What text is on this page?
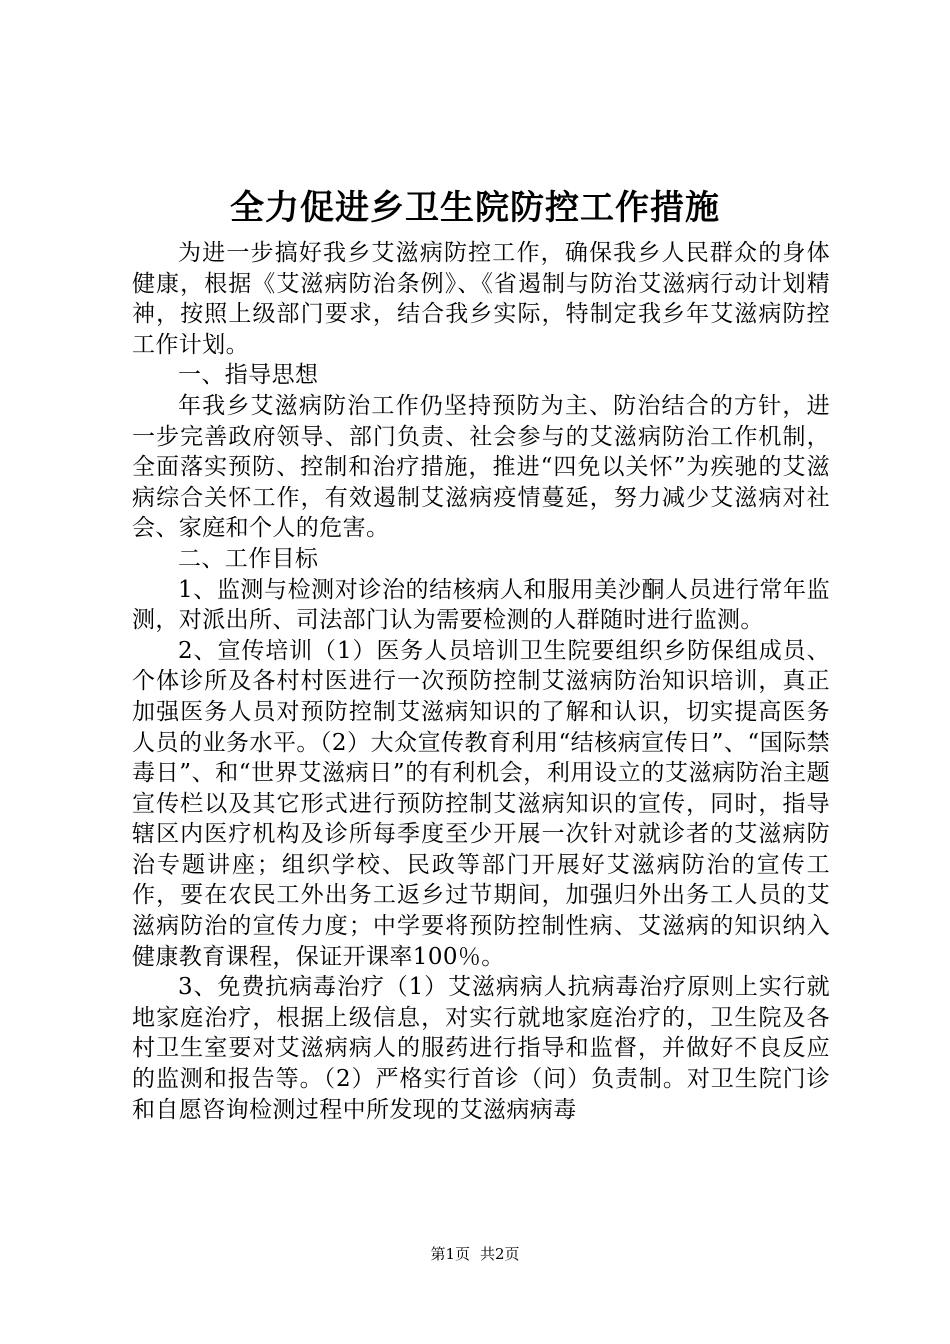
全力促进乡卫生院防控工作措施

为进一步搞好我乡艾滋病防控工作，确保我乡人民群众的身体健康，根据《艾滋病防治条例》、《省遏制与防治艾滋病行动计划精神，按照上级部门要求，结合我乡实际，特制定我乡年艾滋病防控工作计划。

一、指导思想

年我乡艾滋病防治工作仍坚持预防为主、防治结合的方针，进一步完善政府领导、部门负责、社会参与的艾滋病防治工作机制，全面落实预防、控制和治疗措施，推进“四免以关怀”为疾驰的艾滋病综合关怀工作，有效遏制艾滋病疫情蔓延，努力减少艾滋病对社会、家庭和个人的危害。

二、工作目标

1、监测与检测对诊治的结核病人和服用美沙酮人员进行常年监测，对派出所、司法部门认为需要检测的人群随时进行监测。

2、宣传培训（1）医务人员培训卫生院要组织乡防保组成员、个体诊所及各村村医进行一次预防控制艾滋病防治知识培训，真正加强医务人员对预防控制艾滋病知识的了解和认识，切实提高医务人员的业务水平。（2）大众宣传教育利用“结核病宣传日”、“国际禁毒日”、和“世界艾滋病日”的有利机会，利用设立的艾滋病防治主题宣传栏以及其它形式进行预防控制艾滋病知识的宣传，同时，指导辖区内医疗机构及诊所每季度至少开展一次针对就诊者的艾滋病防治专题讲座；组织学校、民政等部门开展好艾滋病防治的宣传工作，要在农民工外出务工返乡过节期间，加强归外出务工人员的艾滋病防治的宣传力度；中学要将预防控制性病、艾滋病的知识纳入健康教育课程，保证开课率100％。

3、免费抗病毒治疗（1）艾滋病病人抗病毒治疗原则上实行就地家庭治疗，根据上级信息，对实行就地家庭治疗的，卫生院及各村卫生室要对艾滋病病人的服药进行指导和监督，并做好不良反应的监测和报告等。（2）严格实行首诊（问）负责制。对卫生院门诊和自愿咨询检测过程中所发现的艾滋病病毒

第1页 共2页
